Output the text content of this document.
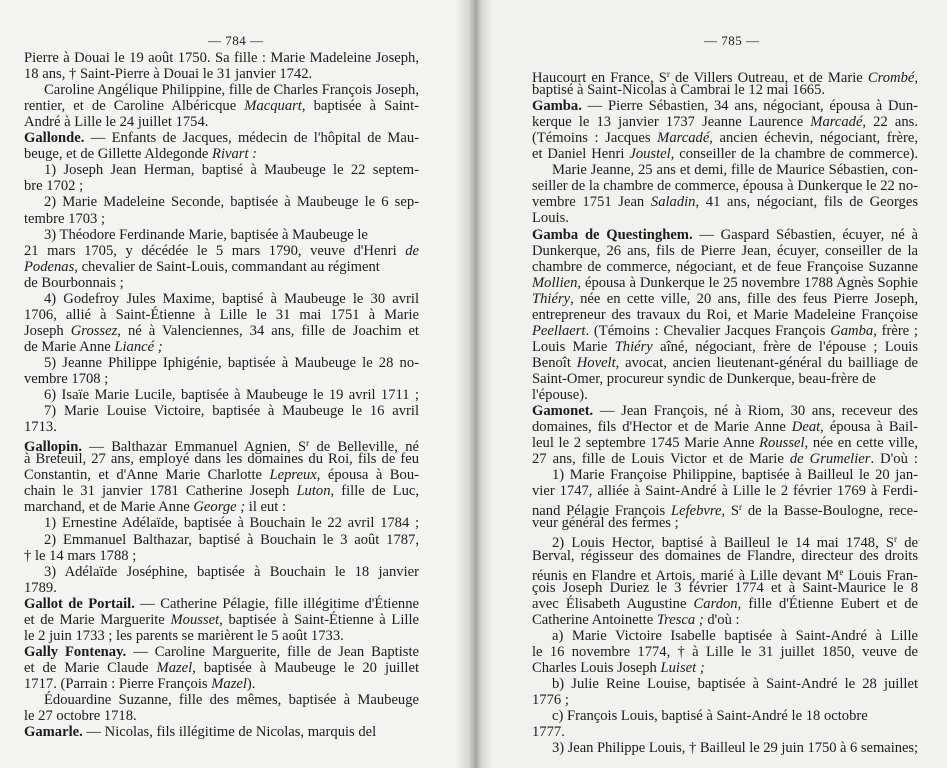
— 784 —
Pierre à Douai le 19 août 1750. Sa fille : Marie Madeleine Joseph,
18 ans, † Saint-Pierre à Douai le 31 janvier 1742.
Caroline Angélique Philippine, fille de Charles François Joseph,
rentier, et de Caroline Albéricque Macquart, baptisée à Saint-
André à Lille le 24 juillet 1754.
Gallonde. — Enfants de Jacques, médecin de l'hôpital de Mau-
beuge, et de Gillette Aldegonde Rivart :
1) Joseph Jean Herman, baptisé à Maubeuge le 22 septem-
bre 1702 ;
2) Marie Madeleine Seconde, baptisée à Maubeuge le 6 sep-
tembre 1703 ;
3) Théodore Ferdinande Marie, baptisée à Maubeuge le
21 mars 1705, y décédée le 5 mars 1790, veuve d'Henri de
Podenas, chevalier de Saint-Louis, commandant au régiment
de Bourbonnais ;
4) Godefroy Jules Maxime, baptisé à Maubeuge le 30 avril
1706, allié à Saint-Étienne à Lille le 31 mai 1751 à Marie
Joseph Grossez, né à Valenciennes, 34 ans, fille de Joachim et
de Marie Anne Liancé ;
5) Jeanne Philippe Iphigénie, baptisée à Maubeuge le 28 no-
vembre 1708 ;
6) Isaïe Marie Lucile, baptisée à Maubeuge le 19 avril 1711 ;
7) Marie Louise Victoire, baptisée à Maubeuge le 16 avril
1713.
Gallopin. — Balthazar Emmanuel Agnien, $S^r$ de Belleville, né
à Breteuil, 27 ans, employé dans les domaines du Roi, fils de feu
Constantin, et d'Anne Marie Charlotte Lepreux, épousa à Bou-
chain le 31 janvier 1781 Catherine Joseph Luton, fille de Luc,
marchand, et de Marie Anne George ; il eut :
1) Ernestine Adélaïde, baptisée à Bouchain le 22 avril 1784 ;
2) Emmanuel Balthazar, baptisé à Bouchain le 3 août 1787,
† le 14 mars 1788 ;
3) Adélaïde Joséphine, baptisée à Bouchain le 18 janvier
1789.
Gallot de Portail. — Catherine Pélagie, fille illégitime d'Étienne
et de Marie Marguerite Mousset, baptisée à Saint-Étienne à Lille
le 2 juin 1733 ; les parents se marièrent le 5 août 1733.
Gally Fontenay. — Caroline Marguerite, fille de Jean Baptiste
et de Marie Claude Mazel, baptisée à Maubeuge le 20 juillet
1717. (Parrain : Pierre François Mazel).
Édouardine Suzanne, fille des mêmes, baptisée à Maubeuge
le 27 octobre 1718.
Gamarle. — Nicolas, fils illégitime de Nicolas, marquis del
— 785 —
Haucourt en France, $S^r$ de Villers Outreau, et de Marie Crombé,
baptisé à Saint-Nicolas à Cambrai le 12 mai 1665.
Gamba. — Pierre Sébastien, 34 ans, négociant, épousa à Dun-
kerque le 13 janvier 1737 Jeanne Laurence Marcadé, 22 ans.
(Témoins : Jacques Marcadé, ancien échevin, négociant, frère,
et Daniel Henri Joustel, conseiller de la chambre de commerce).
Marie Jeanne, 25 ans et demi, fille de Maurice Sébastien, con-
seiller de la chambre de commerce, épousa à Dunkerque le 22 no-
vembre 1751 Jean Saladin, 41 ans, négociant, fils de Georges
Louis.
Gamba de Questinghem. — Gaspard Sébastien, écuyer, né à
Dunkerque, 26 ans, fils de Pierre Jean, écuyer, conseiller de la
chambre de commerce, négociant, et de feue Françoise Suzanne
Mollien, épousa à Dunkerque le 25 novembre 1788 Agnès Sophie
Thiéry, née en cette ville, 20 ans, fille des feus Pierre Joseph,
entrepreneur des travaux du Roi, et Marie Madeleine Françoise
Peellaert. (Témoins : Chevalier Jacques François Gamba, frère ;
Louis Marie Thiéry aîné, négociant, frère de l'épouse ; Louis
Benoît Hovelt, avocat, ancien lieutenant-général du bailliage de
Saint-Omer, procureur syndic de Dunkerque, beau-frère de
l'épouse).
Gamonet. — Jean François, né à Riom, 30 ans, receveur des
domaines, fils d'Hector et de Marie Anne Deat, épousa à Bail-
leul le 2 septembre 1745 Marie Anne Roussel, née en cette ville,
27 ans, fille de Louis Victor et de Marie de Grumelier. D'où :
1) Marie Françoise Philippine, baptisée à Bailleul le 20 jan-
vier 1747, alliée à Saint-André à Lille le 2 février 1769 à Ferdi-
nand Pélagie François Lefebvre, $S^r$ de la Basse-Boulogne, rece-
veur général des fermes ;
2) Louis Hector, baptisé à Bailleul le 14 mai 1748, $S^r$ de
Berval, régisseur des domaines de Flandre, directeur des droits
réunis en Flandre et Artois, marié à Lille devant Me Louis Fran-
çois Joseph Duriez le 3 février 1774 et à Saint-Maurice le 8
avec Élisabeth Augustine Cardon, fille d'Étienne Eubert et de
Catherine Antoinette Tresca ; d'où :
a) Marie Victoire Isabelle baptisée à Saint-André à Lille
le 16 novembre 1774, † à Lille le 31 juillet 1850, veuve de
Charles Louis Joseph Luiset ;
b) Julie Reine Louise, baptisée à Saint-André le 28 juillet
1776 ;
c) François Louis, baptisé à Saint-André le 18 octobre
1777.
3) Jean Philippe Louis, † Bailleul le 29 juin 1750 à 6 semaines;
